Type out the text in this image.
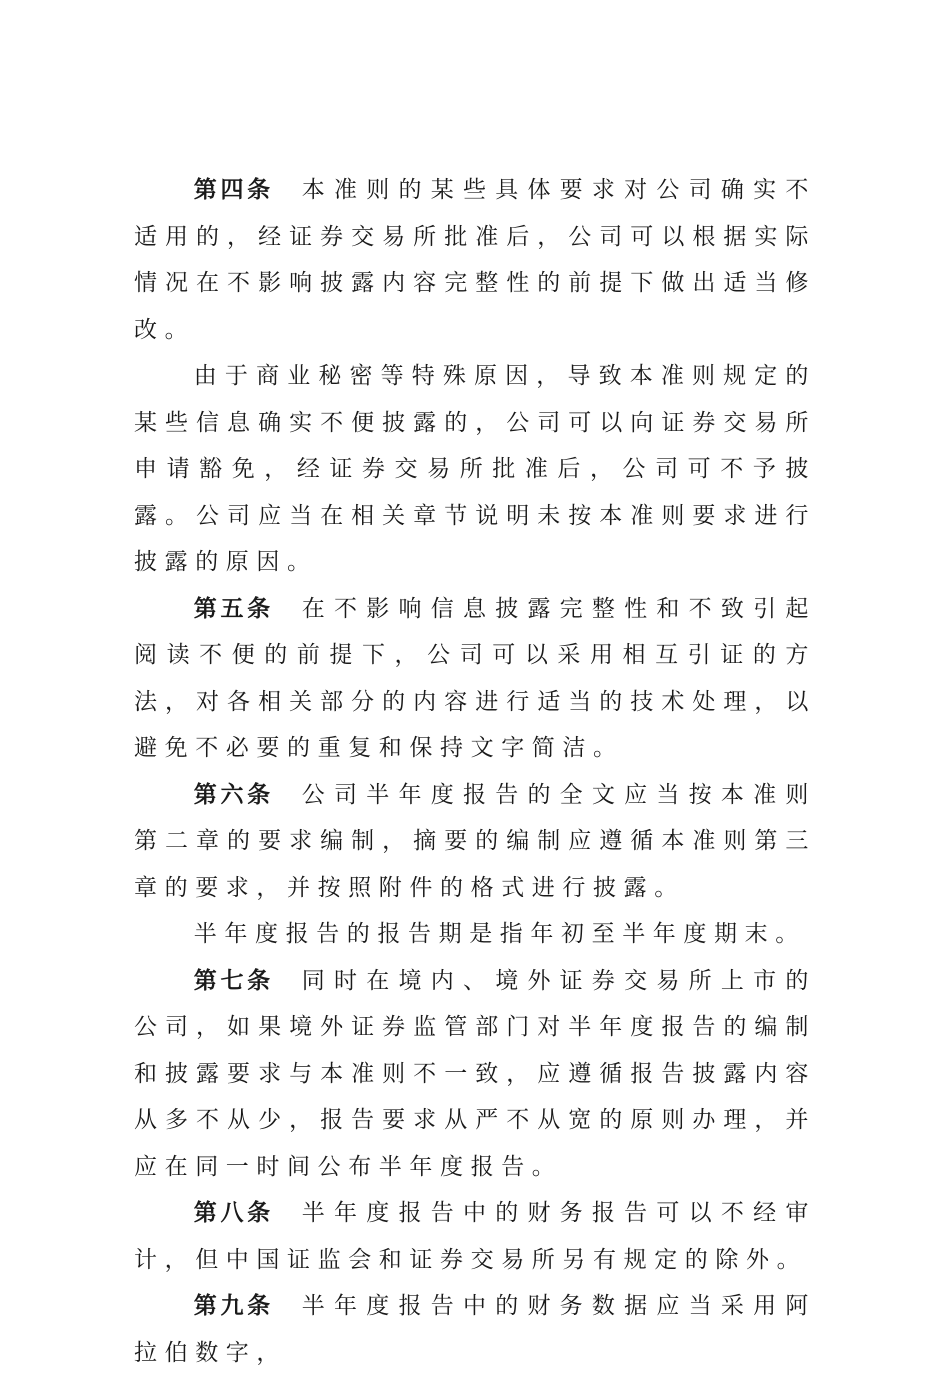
第四条 本准则的某些具体要求对公司确实不适用的，经证券交易所批准后，公司可以根据实际情况在不影响披露内容完整性的前提下做出适当修改。

由于商业秘密等特殊原因，导致本准则规定的某些信息确实不便披露的，公司可以向证券交易所申请豁免，经证券交易所批准后，公司可不予披露。公司应当在相关章节说明未按本准则要求进行披露的原因。

第五条 在不影响信息披露完整性和不致引起阅读不便的前提下，公司可以采用相互引证的方法，对各相关部分的内容进行适当的技术处理，以避免不必要的重复和保持文字简洁。

第六条 公司半年度报告的全文应当按本准则第二章的要求编制，摘要的编制应遵循本准则第三章的要求，并按照附件的格式进行披露。

半年度报告的报告期是指年初至半年度期末。

第七条 同时在境内、境外证券交易所上市的公司，如果境外证券监管部门对半年度报告的编制和披露要求与本准则不一致，应遵循报告披露内容从多不从少，报告要求从严不从宽的原则办理，并应在同一时间公布半年度报告。

第八条 半年度报告中的财务报告可以不经审计，但中国证监会和证券交易所另有规定的除外。

第九条 半年度报告中的财务数据应当采用阿拉伯数字，
